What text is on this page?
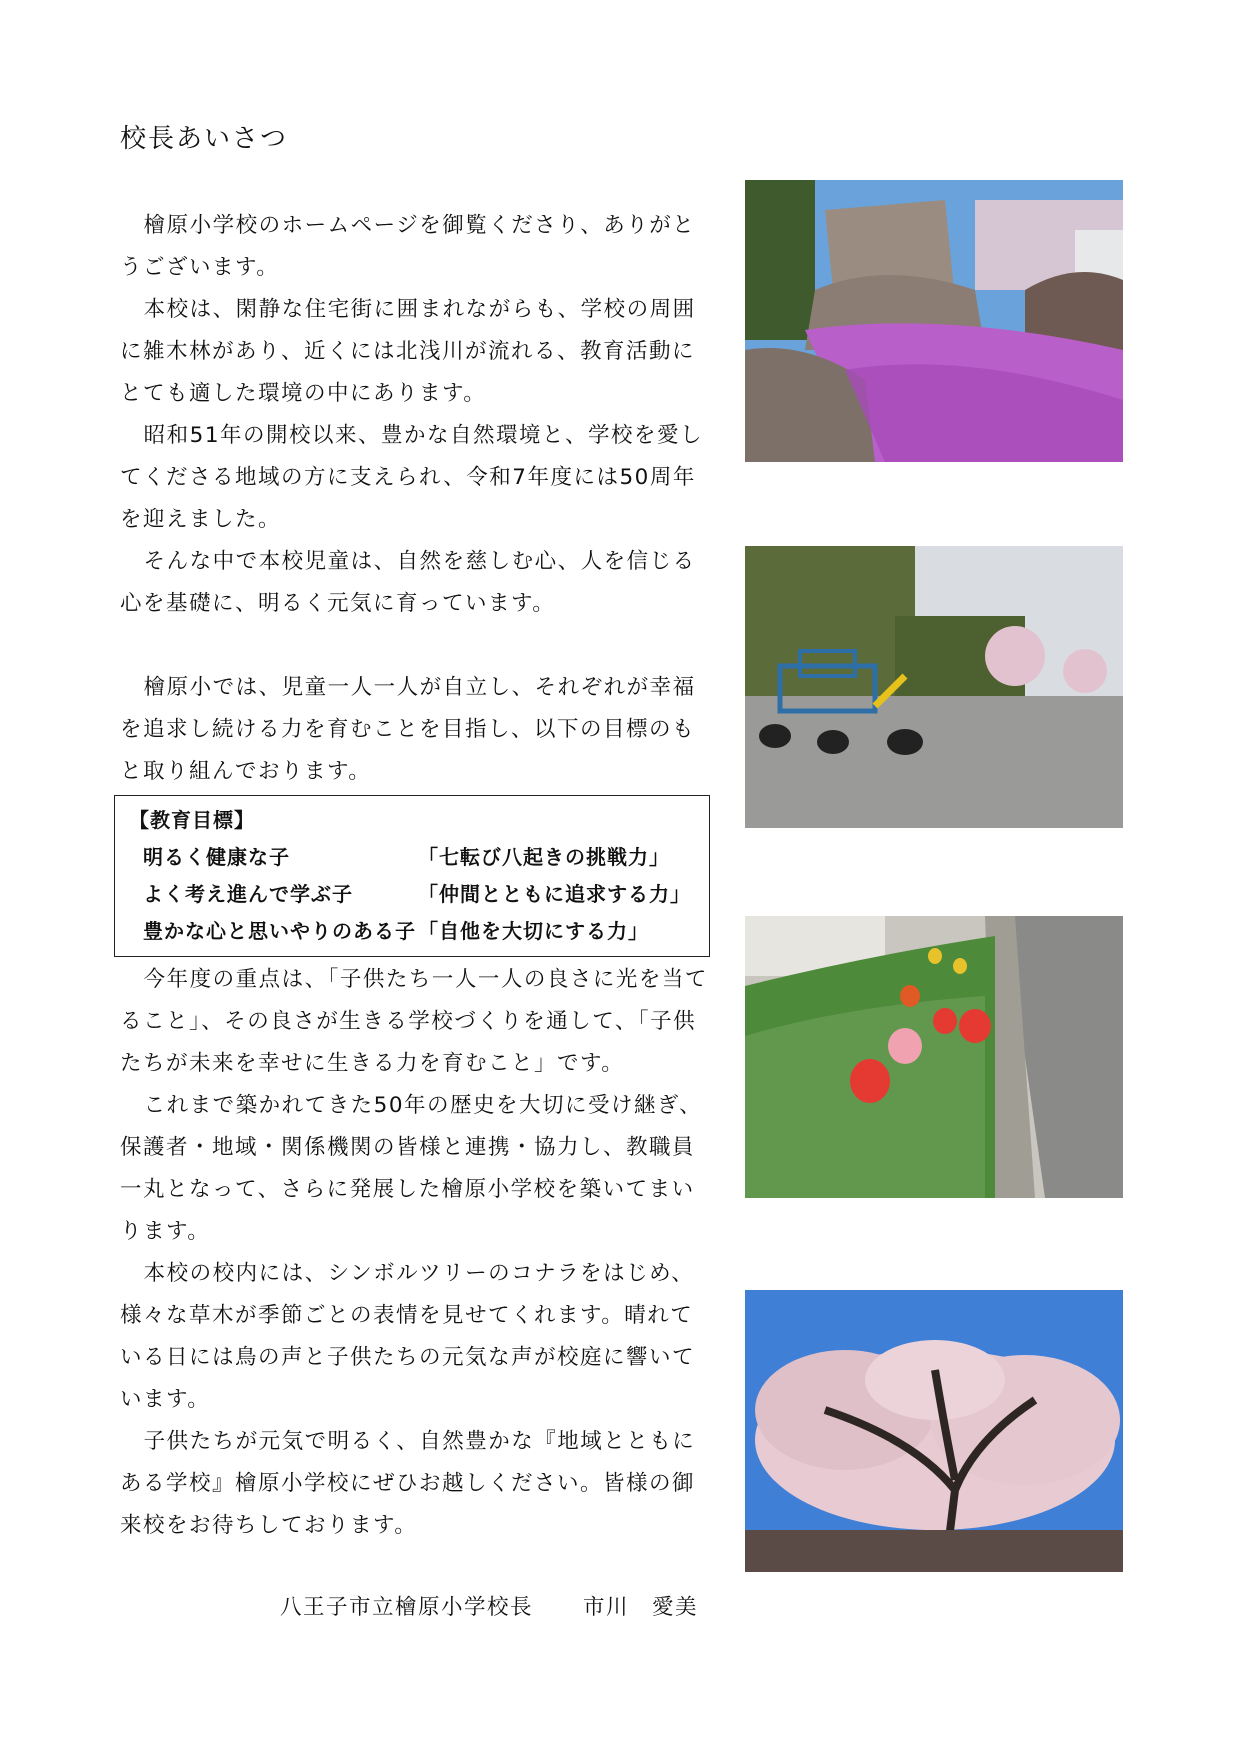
校長あいさつ

檜原小学校のホームページを御覧くださり、ありがとうございます。

本校は、閑静な住宅街に囲まれながらも、学校の周囲に雑木林があり、近くには北浅川が流れる、教育活動にとても適した環境の中にあります。

昭和51年の開校以来、豊かな自然環境と、学校を愛してくださる地域の方に支えられ、令和7年度には50周年を迎えました。

そんな中で本校児童は、自然を慈しむ心、人を信じる心を基礎に、明るく元気に育っています。

檜原小では、児童一人一人が自立し、それぞれが幸福を追求し続ける力を育むことを目指し、以下の目標のもと取り組んでおります。

【教育目標】
明るく健康な子	「七転び八起きの挑戦力」
よく考え進んで学ぶ子	「仲間とともに追求する力」
豊かな心と思いやりのある子 「自他を大切にする力」

今年度の重点は、「子供たち一人一人の良さに光を当てること」、その良さが生きる学校づくりを通して、「子供たちが未来を幸せに生きる力を育むこと」です。

これまで築かれてきた50年の歴史を大切に受け継ぎ、保護者・地域・関係機関の皆様と連携・協力し、教職員一丸となって、さらに発展した檜原小学校を築いてまいります。

本校の校内には、シンボルツリーのコナラをはじめ、様々な草木が季節ごとの表情を見せてくれます。晴れている日には鳥の声と子供たちの元気な声が校庭に響いています。

子供たちが元気で明るく、自然豊かな『地域とともにある学校』檜原小学校にぜひお越しください。皆様の御来校をお待ちしております。

八王子市立檜原小学校長 市川　愛美
